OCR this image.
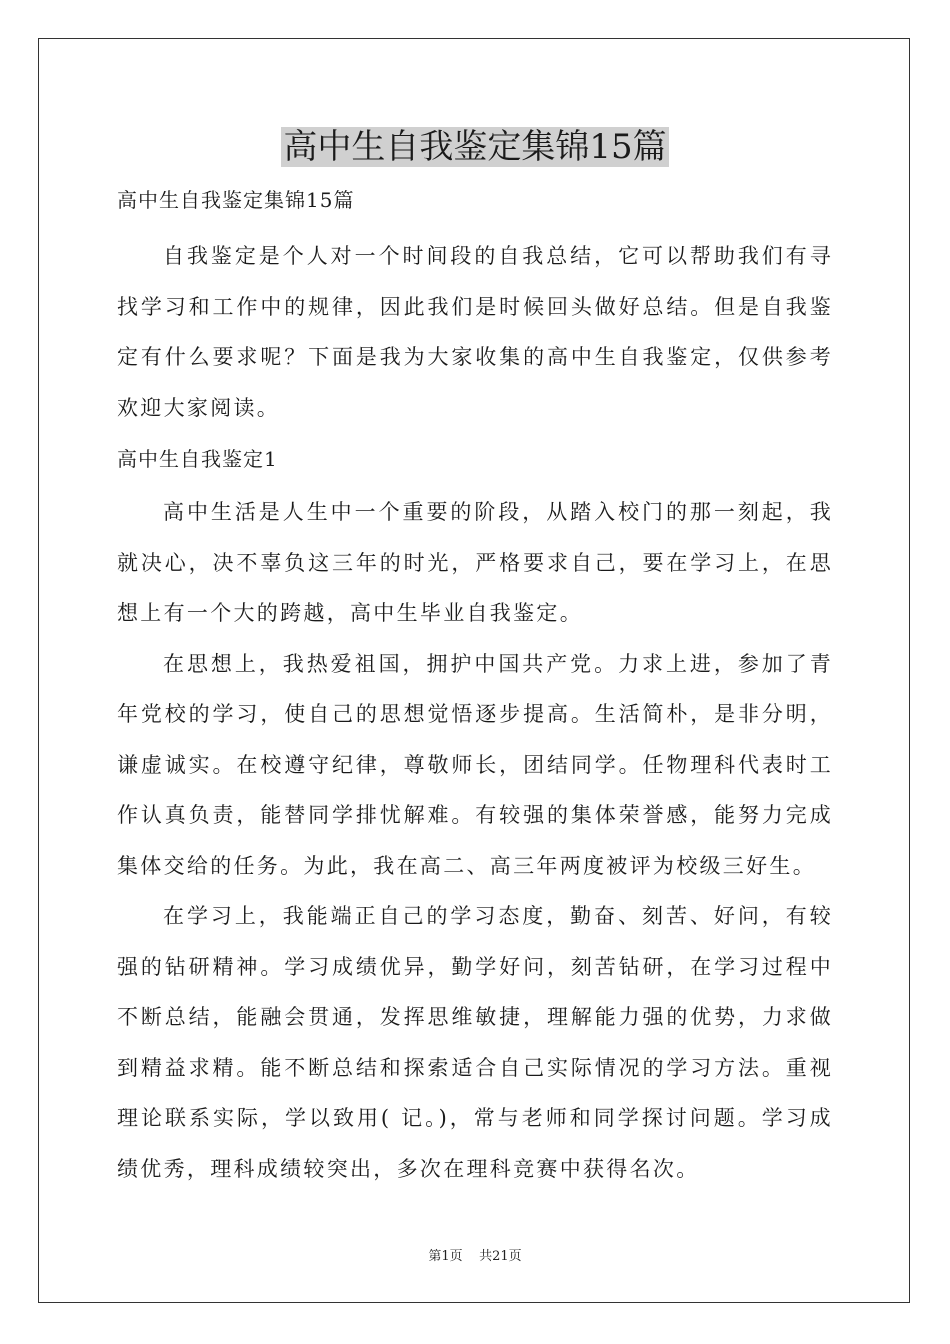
高中生自我鉴定集锦15篇
高中生自我鉴定集锦15篇

自我鉴定是个人对一个时间段的自我总结，它可以帮助我们有寻找学习和工作中的规律，因此我们是时候回头做好总结。但是自我鉴定有什么要求呢？下面是我为大家收集的高中生自我鉴定，仅供参考欢迎大家阅读。

高中生自我鉴定1

高中生活是人生中一个重要的阶段，从踏入校门的那一刻起，我就决心，决不辜负这三年的时光，严格要求自己，要在学习上，在思想上有一个大的跨越，高中生毕业自我鉴定。

在思想上，我热爱祖国，拥护中国共产党。力求上进，参加了青年党校的学习，使自己的思想觉悟逐步提高。生活简朴，是非分明，谦虚诚实。在校遵守纪律，尊敬师长，团结同学。任物理科代表时工作认真负责，能替同学排忧解难。有较强的集体荣誉感，能努力完成集体交给的任务。为此，我在高二、高三年两度被评为校级三好生。

在学习上，我能端正自己的学习态度，勤奋、刻苦、好问，有较强的钻研精神。学习成绩优异，勤学好问，刻苦钻研，在学习过程中不断总结，能融会贯通，发挥思维敏捷，理解能力强的优势，力求做到精益求精。能不断总结和探索适合自己实际情况的学习方法。重视理论联系实际，学以致用( 记。)，常与老师和同学探讨问题。学习成绩优秀，理科成绩较突出，多次在理科竞赛中获得名次。

第1页    共21页
